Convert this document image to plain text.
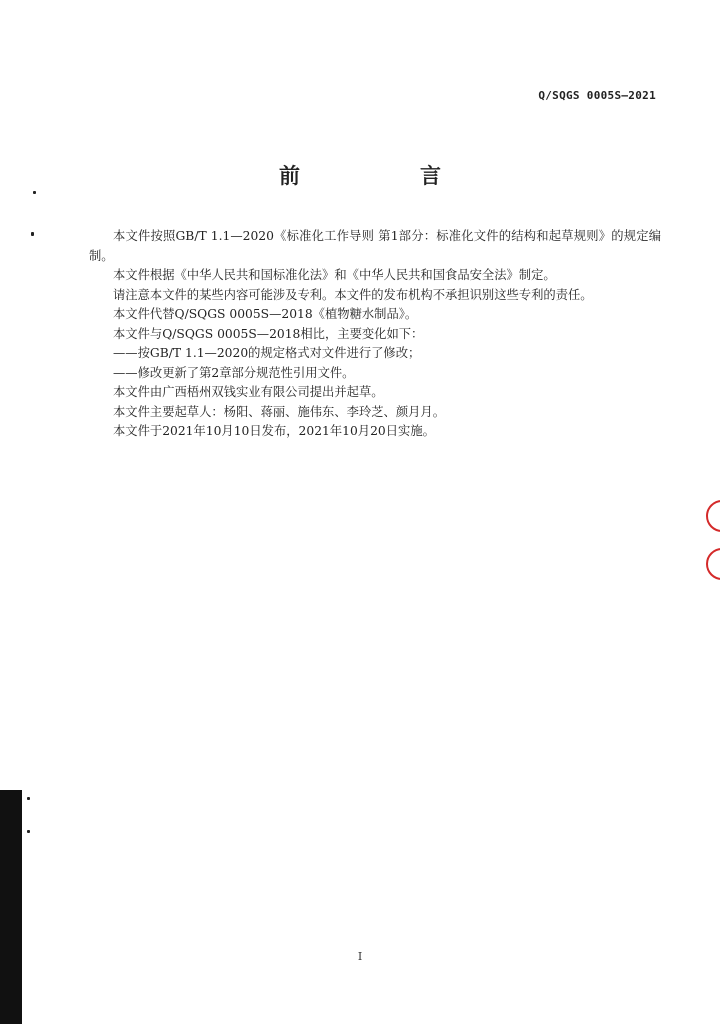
Q/SQGS 0005S—2021
前　　言

本文件按照GB/T 1.1—2020《标准化工作导则 第1部分：标准化文件的结构和起草规则》的规定编制。

本文件根据《中华人民共和国标准化法》和《中华人民共和国食品安全法》制定。

请注意本文件的某些内容可能涉及专利。本文件的发布机构不承担识别这些专利的责任。

本文件代替Q/SQGS 0005S—2018《植物糖水制品》。

本文件与Q/SQGS 0005S—2018相比，主要变化如下：

——按GB/T 1.1—2020的规定格式对文件进行了修改；

——修改更新了第2章部分规范性引用文件。

本文件由广西梧州双钱实业有限公司提出并起草。

本文件主要起草人：杨阳、蒋丽、施伟东、李玲芝、颜月月。

本文件于2021年10月10日发布，2021年10月20日实施。

I
